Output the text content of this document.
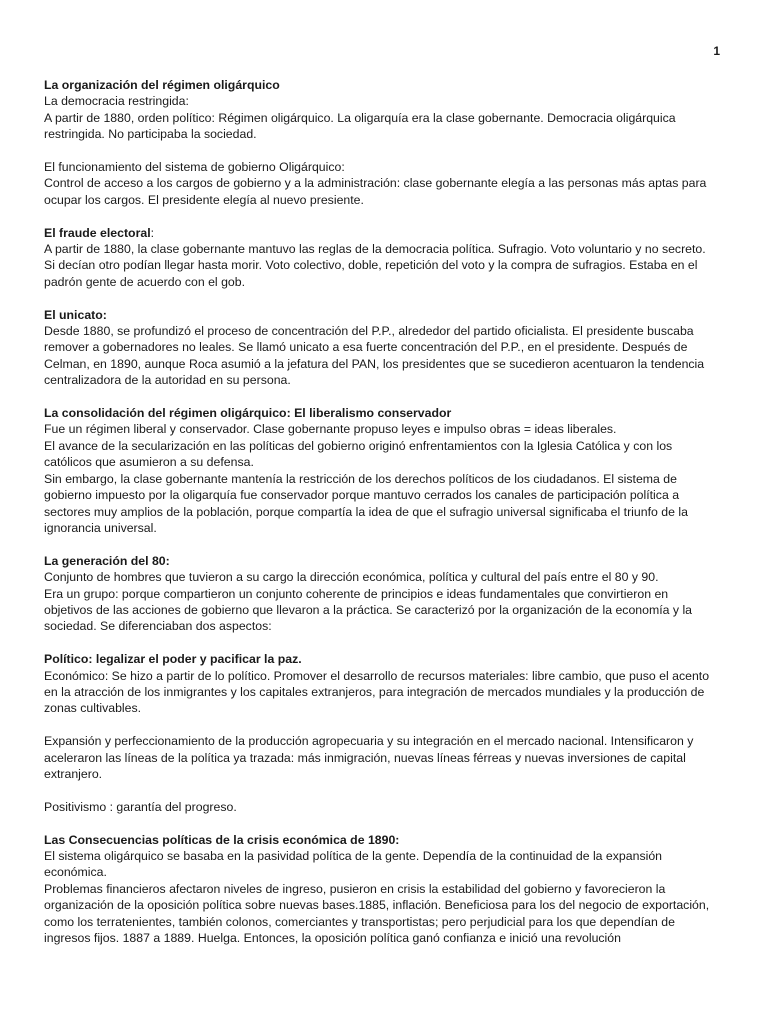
1
La organización del régimen oligárquico

La democracia restringida:

A partir de 1880, orden político: Régimen oligárquico. La oligarquía era la clase gobernante. Democracia oligárquica restringida. No participaba la sociedad.

El funcionamiento del sistema de gobierno Oligárquico:

Control de acceso a los cargos de gobierno y a la administración: clase gobernante elegía a las personas más aptas para ocupar los cargos. El presidente elegía al nuevo presiente.

El fraude electoral:

A partir de 1880, la clase gobernante mantuvo las reglas de la democracia política. Sufragio. Voto voluntario y no secreto. Si decían otro podían llegar hasta morir. Voto colectivo, doble, repetición del voto y la compra de sufragios. Estaba en el padrón gente de acuerdo con el gob.

El unicato:

Desde 1880, se profundizó el proceso de concentración del P.P., alrededor del partido oficialista. El presidente buscaba remover a gobernadores no leales. Se llamó unicato a esa fuerte concentración del P.P., en el presidente. Después de Celman, en 1890, aunque Roca asumió a la jefatura del PAN, los presidentes que se sucedieron acentuaron la tendencia centralizadora de la autoridad en su persona.

La consolidación del régimen oligárquico: El liberalismo conservador

Fue un régimen liberal y conservador. Clase gobernante propuso leyes e impulso obras = ideas liberales.

El avance de la secularización en las políticas del gobierno originó enfrentamientos con la Iglesia Católica y con los católicos que asumieron a su defensa.

Sin embargo, la clase gobernante mantenía la restricción de los derechos políticos de los ciudadanos. El sistema de gobierno impuesto por la oligarquía fue conservador porque mantuvo cerrados los canales de participación política a sectores muy amplios de la población, porque compartía la idea de que el sufragio universal significaba el triunfo de la ignorancia universal.

La generación del 80:

Conjunto de hombres que tuvieron a su cargo la dirección económica, política y cultural del país entre el 80 y 90.

Era un grupo: porque compartieron un conjunto coherente de principios e ideas fundamentales que convirtieron en objetivos de las acciones de gobierno que llevaron a la práctica. Se caracterizó por la organización de la economía y la sociedad. Se diferenciaban dos aspectos:

Político: legalizar el poder y pacificar la paz.

Económico: Se hizo a partir de lo político. Promover el desarrollo de recursos materiales: libre cambio, que puso el acento en la atracción de los inmigrantes y los capitales extranjeros, para integración de mercados mundiales y la producción de zonas cultivables.

Expansión y perfeccionamiento de la producción agropecuaria y su integración en el mercado nacional. Intensificaron y aceleraron las líneas de la política ya trazada: más inmigración, nuevas líneas férreas y nuevas inversiones de capital extranjero.

Positivismo : garantía del progreso.

Las Consecuencias políticas de la crisis económica de 1890:

El sistema oligárquico se basaba en la pasividad política de la gente. Dependía de la continuidad de la expansión económica.

Problemas financieros afectaron niveles de ingreso, pusieron en crisis la estabilidad del gobierno y favorecieron la organización de la oposición política sobre nuevas bases.1885, inflación. Beneficiosa para los del negocio de exportación, como los terratenientes, también colonos, comerciantes y transportistas; pero perjudicial para los que dependían de ingresos fijos. 1887 a 1889. Huelga. Entonces, la oposición política ganó confianza e inició una revolución
